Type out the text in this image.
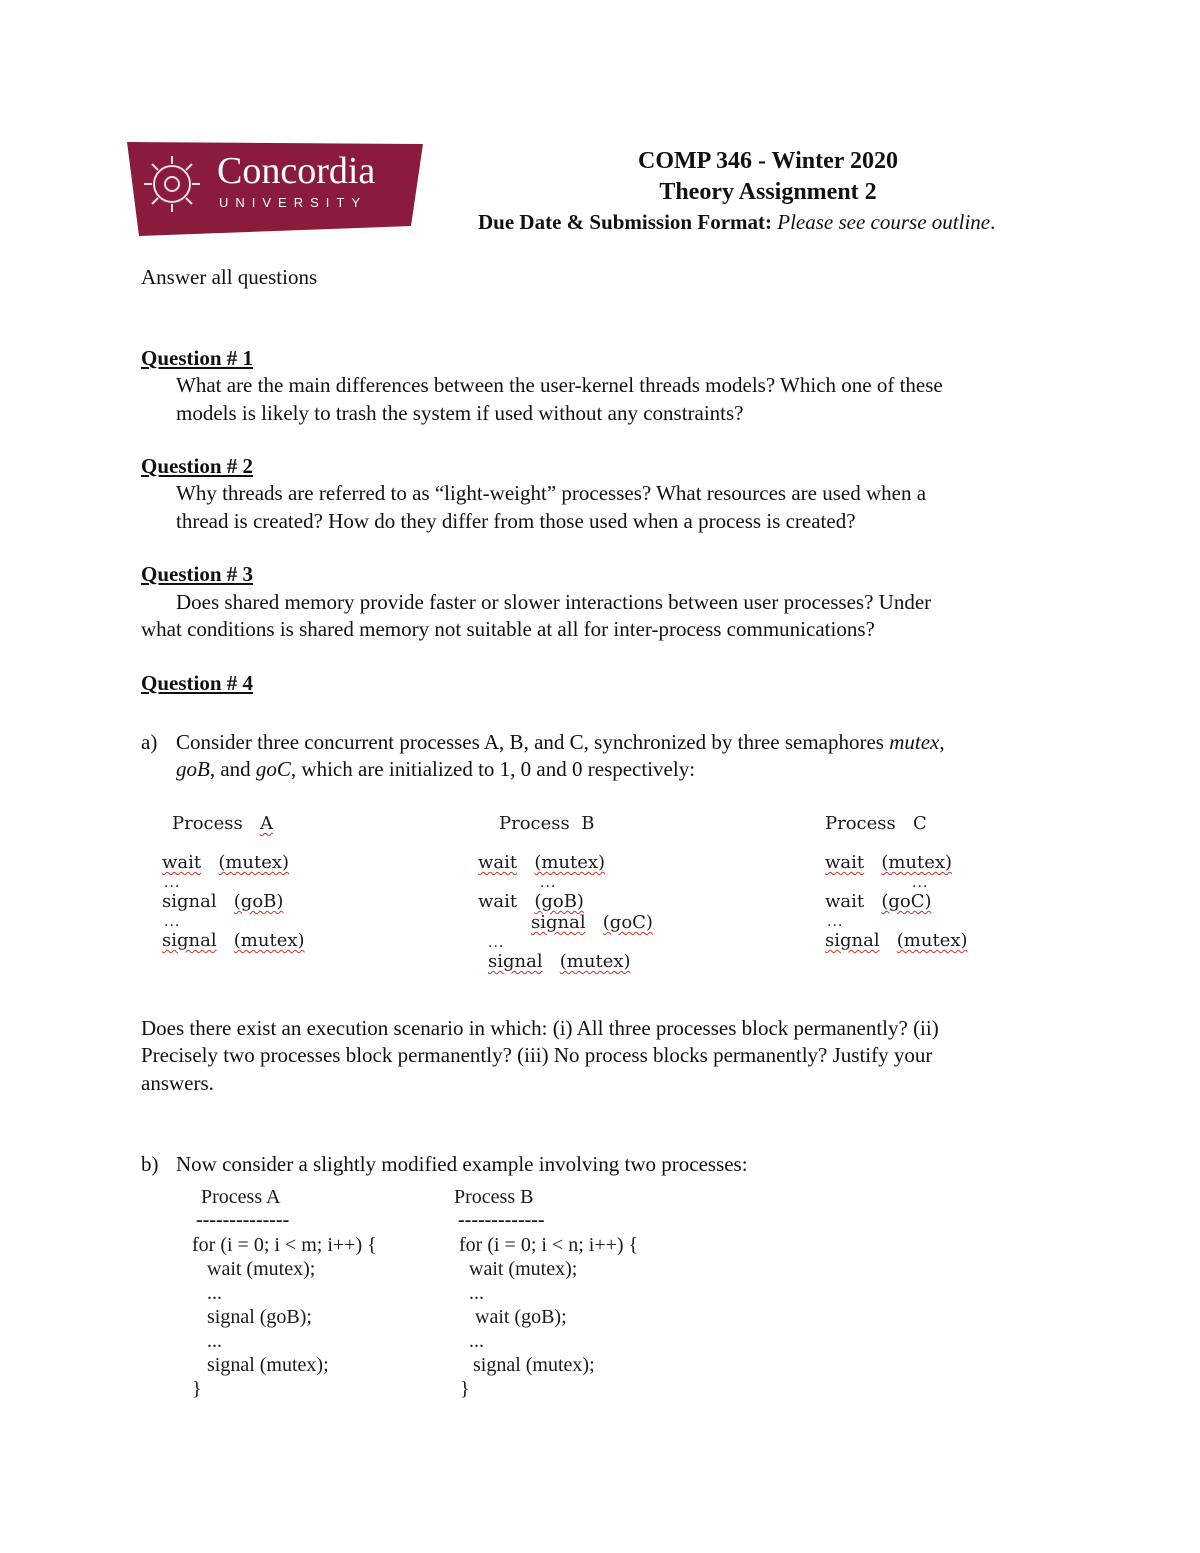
Concordia
UNIVERSITY
COMP 346 - Winter 2020
Theory Assignment 2
Due Date & Submission Format: Please see course outline.
Answer all questions
Question # 1
What are the main differences between the user-kernel threads models? Which one of these
models is likely to trash the system if used without any constraints?
Question # 2
Why threads are referred to as “light-weight” processes? What resources are used when a
thread is created? How do they differ from those used when a process is created?
Question # 3
Does shared memory provide faster or slower interactions between user processes? Under
what conditions is shared memory not suitable at all for inter-process communications?
Question # 4
a) Consider three concurrent processes A, B, and C, synchronized by three semaphores mutex,
goB, and goC, which are initialized to 1, 0 and 0 respectively:
Process A
wait (mutex)
...
signal (goB)
...
signal (mutex)
Process B
wait (mutex)
...
wait (goB)
signal (goC)
...
signal (mutex)
Process C
wait (mutex)
...
wait (goC)
...
signal (mutex)
Does there exist an execution scenario in which: (i) All three processes block permanently? (ii)
Precisely two processes block permanently? (iii) No process blocks permanently? Justify your
answers.
b) Now consider a slightly modified example involving two processes:
Process A
--------------
for (i = 0; i < m; i++) {
wait (mutex);
...
signal (goB);
...
signal (mutex);
}
Process B
-------------
for (i = 0; i < n; i++) {
wait (mutex);
...
wait (goB);
...
signal (mutex);
}
